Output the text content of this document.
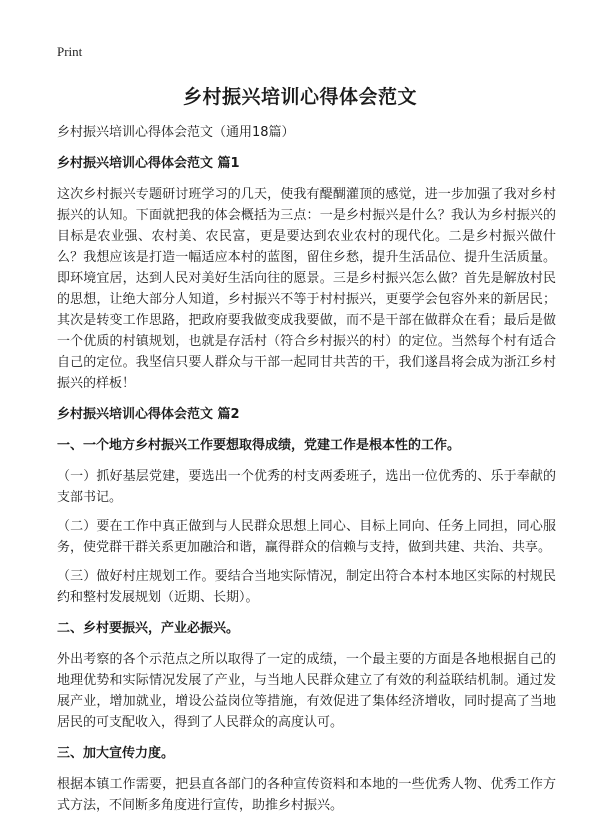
Print
乡村振兴培训心得体会范文
乡村振兴培训心得体会范文（通用18篇）
乡村振兴培训心得体会范文 篇1
这次乡村振兴专题研讨班学习的几天，使我有醍醐灌顶的感觉，进一步加强了我对乡村振兴的认知。下面就把我的体会概括为三点：一是乡村振兴是什么？我认为乡村振兴的目标是农业强、农村美、农民富，更是要达到农业农村的现代化。二是乡村振兴做什么？我想应该是打造一幅适应本村的蓝图，留住乡愁，提升生活品位、提升生活质量。即环境宜居，达到人民对美好生活向往的愿景。三是乡村振兴怎么做？首先是解放村民的思想，让绝大部分人知道，乡村振兴不等于村村振兴，更要学会包容外来的新居民；其次是转变工作思路，把政府要我做变成我要做，而不是干部在做群众在看；最后是做一个优质的村镇规划，也就是存活村（符合乡村振兴的村）的定位。当然每个村有适合自己的定位。我坚信只要人群众与干部一起同甘共苦的干，我们遂昌将会成为浙江乡村振兴的样板！
乡村振兴培训心得体会范文 篇2
一、一个地方乡村振兴工作要想取得成绩，党建工作是根本性的工作。
（一）抓好基层党建，要选出一个优秀的村支两委班子，选出一位优秀的、乐于奉献的支部书记。
（二）要在工作中真正做到与人民群众思想上同心、目标上同向、任务上同担，同心服务，使党群干群关系更加融洽和谐，赢得群众的信赖与支持，做到共建、共治、共享。
（三）做好村庄规划工作。要结合当地实际情况，制定出符合本村本地区实际的村规民约和整村发展规划（近期、长期）。
二、乡村要振兴，产业必振兴。
外出考察的各个示范点之所以取得了一定的成绩，一个最主要的方面是各地根据自己的地理优势和实际情况发展了产业，与当地人民群众建立了有效的利益联结机制。通过发展产业，增加就业，增设公益岗位等措施，有效促进了集体经济增收，同时提高了当地居民的可支配收入，得到了人民群众的高度认可。
三、加大宣传力度。
根据本镇工作需要，把县直各部门的各种宣传资料和本地的一些优秀人物、优秀工作方式方法，不间断多角度进行宣传，助推乡村振兴。
